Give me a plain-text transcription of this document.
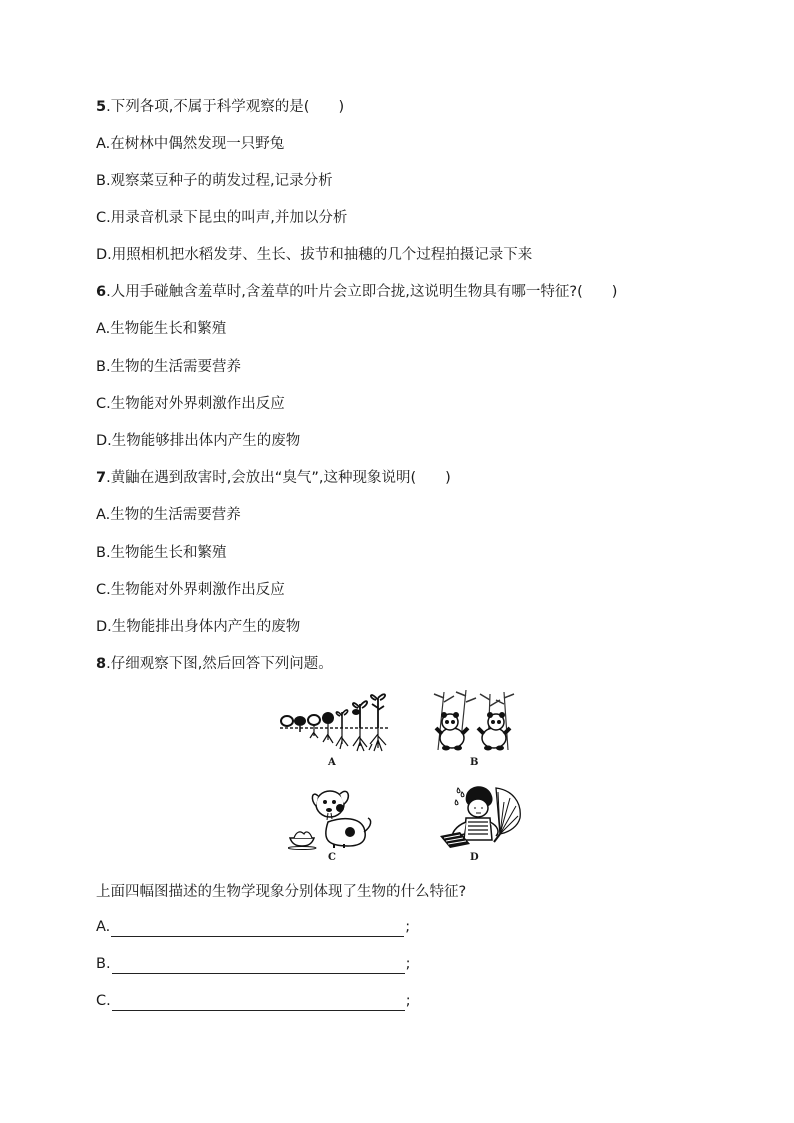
5.下列各项,不属于科学观察的是(　　)
A.在树林中偶然发现一只野兔
B.观察菜豆种子的萌发过程,记录分析
C.用录音机录下昆虫的叫声,并加以分析
D.用照相机把水稻发芽、生长、拔节和抽穗的几个过程拍摄记录下来
6.人用手碰触含羞草时,含羞草的叶片会立即合拢,这说明生物具有哪一特征?(　　)
A.生物能生长和繁殖
B.生物的生活需要营养
C.生物能对外界刺激作出反应
D.生物能够排出体内产生的废物
7.黄鼬在遇到敌害时,会放出“臭气”,这种现象说明(　　)
A.生物的生活需要营养
B.生物能生长和繁殖
C.生物能对外界刺激作出反应
D.生物能排出身体内产生的废物
8.仔细观察下图,然后回答下列问题。
A	B
C	D
上面四幅图描述的生物学现象分别体现了生物的什么特征?
A.	;
B.	;
C.	;
